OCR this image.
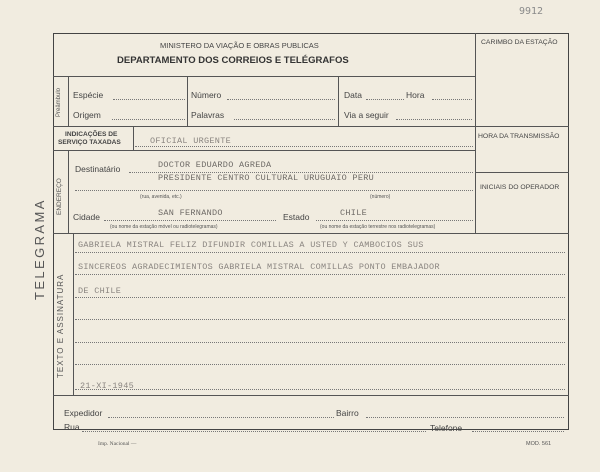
9912
TELEGRAMA
MINISTERO DA VIAÇÃO E OBRAS PUBLICAS
DEPARTAMENTO DOS CORREIOS E TELÉGRAFOS
CARIMBO DA ESTAÇÃO
Preâmbulo Espécie	Número	Data	Hora
Origem	Palavras	Via a seguir
INDICAÇÕES DE
SERVIÇO TAXADAS	OFICIAL URGENTE	HORA DA TRANSMISSÃO
INICIAIS DO OPERADOR
ENDEREÇO
Destinatário	DOCTOR EDUARDO AGREDA
PRESIDENTE CENTRO CULTURAL URUGUAIO PERU
(rua, avenida, etc.)	(número)
Cidade	SAN FERNANDO	Estado	CHILE
(ou nome da estação móvel ou radiotelegramas)	(ou nome da estação terrestre nos radiotelegramas)
TEXTO E ASSINATURA
GABRIELA MISTRAL FELIZ DIFUNDIR COMILLAS A USTED Y CAMBOCIOS SUS
SINCEREOS AGRADECIMIENTOS GABRIELA MISTRAL COMILLAS PONTO EMBAJADOR
DE CHILE
21-XI-1945
Expedidor	Bairro
Rua	Telefone
Imp. Nacional —	MOD. 561
